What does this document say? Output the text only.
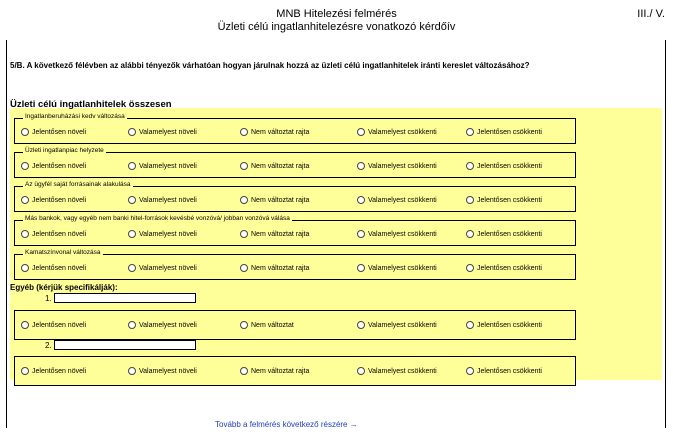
MNB Hitelezési felmérés
Üzleti célú ingatlanhitelezésre vonatkozó kérdőív
III./ V.
5/B. A következő félévben az alábbi tényezők várhatóan hogyan járulnak hozzá az üzleti célú ingatlanhitelek iránti kereslet változásához?
Üzleti célú ingatlanhitelek összesen
Ingatlanberuházási kedv változása
Jelentősen növeli	Valamelyest növeli	Nem változtat rajta	Valamelyest csökkenti	Jelentősen csökkenti
Üzleti ingatlanpiac helyzete
Jelentősen növeli	Valamelyest növeli	Nem változtat rajta	Valamelyest csökkenti	Jelentősen csökkenti
Az ügyfél saját forrásainak alakulása
Jelentősen növeli	Valamelyest növeli	Nem változtat rajta	Valamelyest csökkenti	Jelentősen csökkenti
Más bankok, vagy egyéb nem banki hitel-források kevésbé vonzóvá/ jobban vonzóvá válása
Jelentősen növeli	Valamelyest növeli	Nem változtat rajta	Valamelyest csökkenti	Jelentősen csökkenti
Kamatszínvonal változása
Jelentősen növeli	Valamelyest növeli	Nem változtat rajta	Valamelyest csökkenti	Jelentősen csökkenti
Egyéb (kérjük specifikálják):
1.
Jelentősen növeli	Valamelyest növeli	Nem változtat	Valamelyest csökkenti	Jelentősen csökkenti
2.
Jelentősen növeli	Valamelyest növeli	Nem változtat rajta	Valamelyest csökkenti	Jelentősen csökkenti
Tovább a felmérés következő részére →
